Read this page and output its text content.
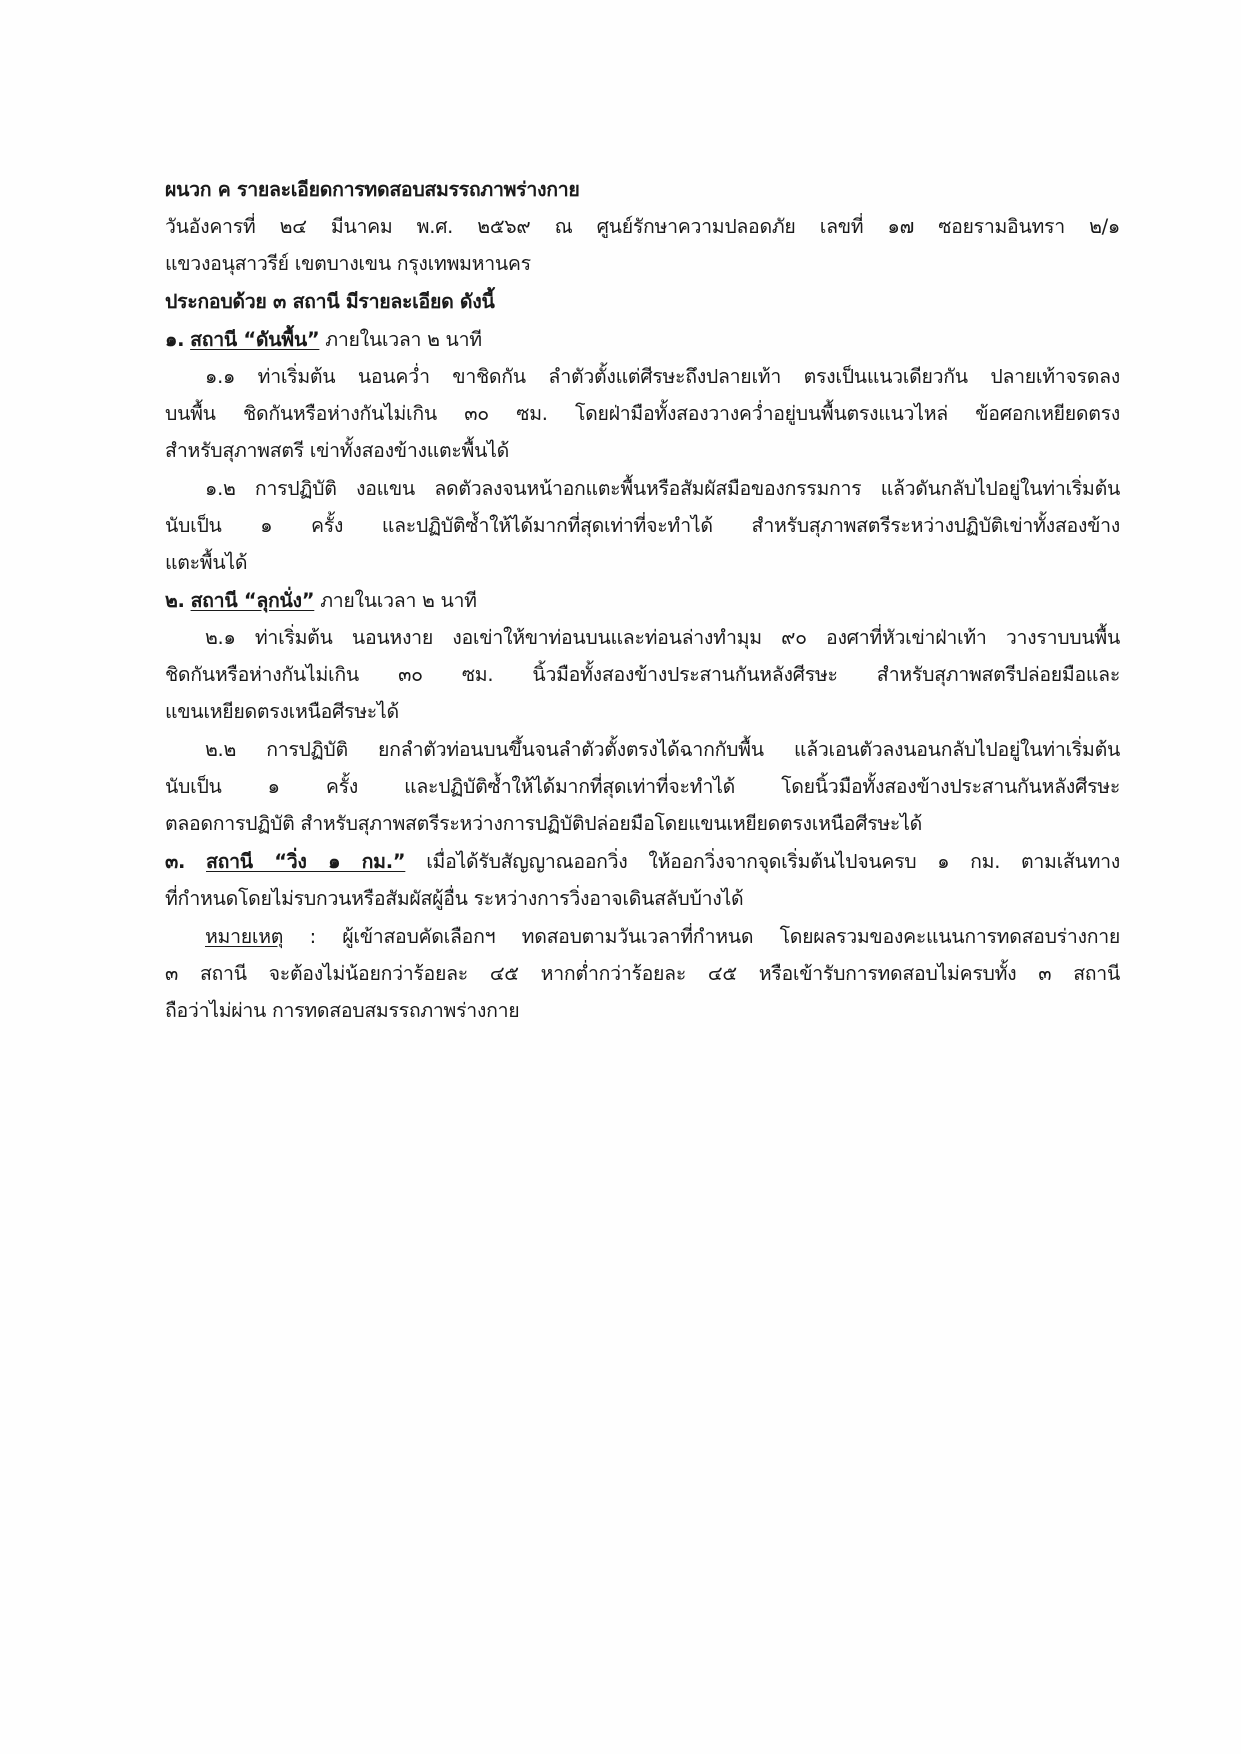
ผนวก ค รายละเอียดการทดสอบสมรรถภาพร่างกาย
วันอังคารที่ ๒๔ มีนาคม พ.ศ. ๒๕๖๙ ณ ศูนย์รักษาความปลอดภัย เลขที่ ๑๗ ซอยรามอินทรา ๒/๑
แขวงอนุสาวรีย์ เขตบางเขน กรุงเทพมหานคร
ประกอบด้วย ๓ สถานี มีรายละเอียด ดังนี้
๑. สถานี “ดันพื้น” ภายในเวลา ๒ นาที
๑.๑ ท่าเริ่มต้น นอนคว่ำ ขาชิดกัน ลำตัวตั้งแต่ศีรษะถึงปลายเท้า ตรงเป็นแนวเดียวกัน ปลายเท้าจรดลง
บนพื้น ชิดกันหรือห่างกันไม่เกิน ๓๐ ซม. โดยฝ่ามือทั้งสองวางคว่ำอยู่บนพื้นตรงแนวไหล่ ข้อศอกเหยียดตรง
สำหรับสุภาพสตรี เข่าทั้งสองข้างแตะพื้นได้
๑.๒ การปฏิบัติ งอแขน ลดตัวลงจนหน้าอกแตะพื้นหรือสัมผัสมือของกรรมการ แล้วดันกลับไปอยู่ในท่าเริ่มต้น
นับเป็น ๑ ครั้ง และปฏิบัติซ้ำให้ได้มากที่สุดเท่าที่จะทำได้ สำหรับสุภาพสตรีระหว่างปฏิบัติเข่าทั้งสองข้าง
แตะพื้นได้
๒. สถานี “ลุกนั่ง” ภายในเวลา ๒ นาที
๒.๑ ท่าเริ่มต้น นอนหงาย งอเข่าให้ขาท่อนบนและท่อนล่างทำมุม ๙๐ องศาที่หัวเข่าฝ่าเท้า วางราบบนพื้น
ชิดกันหรือห่างกันไม่เกิน ๓๐ ซม. นิ้วมือทั้งสองข้างประสานกันหลังศีรษะ สำหรับสุภาพสตรีปล่อยมือและ
แขนเหยียดตรงเหนือศีรษะได้
๒.๒ การปฏิบัติ ยกลำตัวท่อนบนขึ้นจนลำตัวตั้งตรงได้ฉากกับพื้น แล้วเอนตัวลงนอนกลับไปอยู่ในท่าเริ่มต้น
นับเป็น ๑ ครั้ง และปฏิบัติซ้ำให้ได้มากที่สุดเท่าที่จะทำได้ โดยนิ้วมือทั้งสองข้างประสานกันหลังศีรษะ
ตลอดการปฏิบัติ สำหรับสุภาพสตรีระหว่างการปฏิบัติปล่อยมือโดยแขนเหยียดตรงเหนือศีรษะได้
๓. สถานี “วิ่ง ๑ กม.” เมื่อได้รับสัญญาณออกวิ่ง ให้ออกวิ่งจากจุดเริ่มต้นไปจนครบ ๑ กม. ตามเส้นทาง
ที่กำหนดโดยไม่รบกวนหรือสัมผัสผู้อื่น ระหว่างการวิ่งอาจเดินสลับบ้างได้
หมายเหตุ : ผู้เข้าสอบคัดเลือกฯ ทดสอบตามวันเวลาที่กำหนด โดยผลรวมของคะแนนการทดสอบร่างกาย
๓ สถานี จะต้องไม่น้อยกว่าร้อยละ ๔๕ หากต่ำกว่าร้อยละ ๔๕ หรือเข้ารับการทดสอบไม่ครบทั้ง ๓ สถานี
ถือว่าไม่ผ่าน การทดสอบสมรรถภาพร่างกาย
